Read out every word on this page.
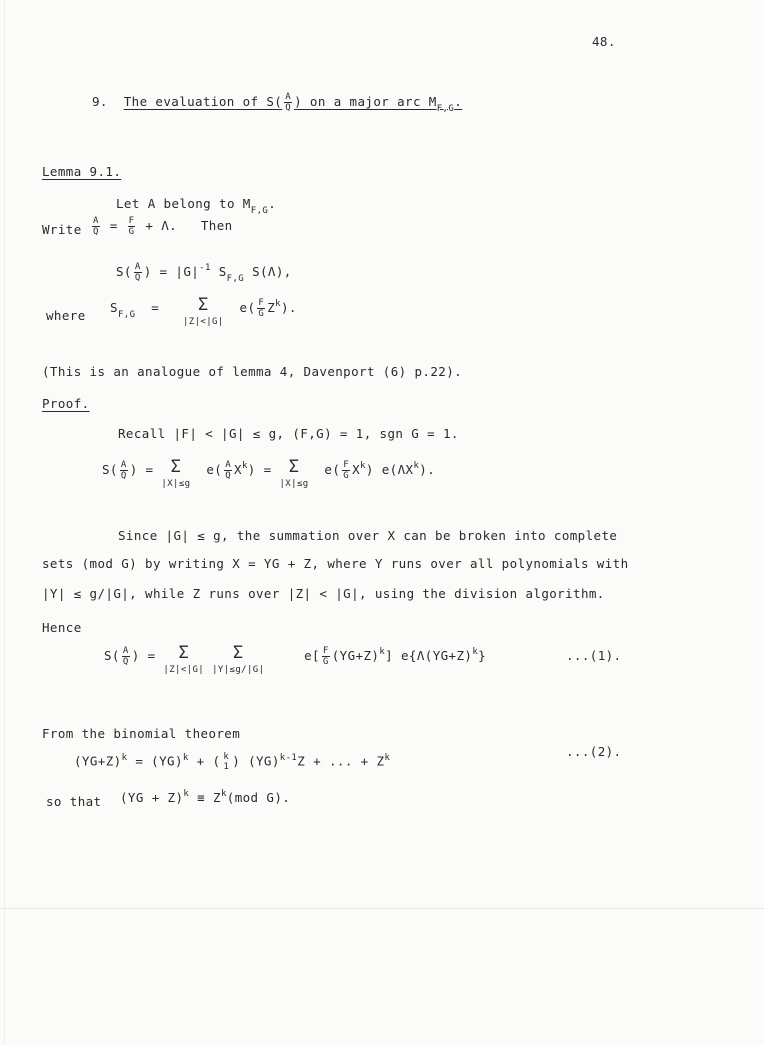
48.
9. The evaluation of $S( \frac{A}{Q}$ ) on a major arc $M_{F,G}$.
Lemma 9.1.
Let A belong to $M_{F,G}$.
Write $\frac{A}{Q} = \frac{F}{G} + \Lambda$.   Then
$S( \frac{A}{Q}$ ) = $|G|^{-1}$ $S_{F,G}$ S(Λ),
where
$S_{F,G} = \Sigma$
|Z|<|G|  $e( \frac{F}{G} Z^k)$.
(This is an analogue of lemma 4, Davenport (6) p.22).
Proof.
Recall |F| < |G| ≤ g, (F,G) = 1, sgn G = 1.
$S( \frac{A}{Q}$ ) = Σ
|X|≤g  $e( \frac{A}{Q} X^k) = \Sigma$
|X|≤g  $e( \frac{F}{G} X^k)$ $e(\Lambda X^k)$.
Since |G| ≤ g, the summation over X can be broken into complete
sets (mod G) by writing X = YG + Z, where Y runs over all polynomials with
|Y| ≤ g/|G|, while Z runs over |Z| < |G|, using the division algorithm.
Hence
$S( \frac{A}{Q}$ ) = Σ
|Z|<|G| Σ
|Y|≤g/|G|     $e[ \frac{F}{G} (YG+Z)^k]$ $e\{\Lambda(YG+Z)^k\}$	...(1).
From the binomial theorem
$(YG+Z)^k = (YG)^k$ + ( k
1 ) (YG)$^{k-1}$Z + ... + $Z^k$	...(2).
so that $(YG + Z)^k \equiv Z^k(mod$ G).
